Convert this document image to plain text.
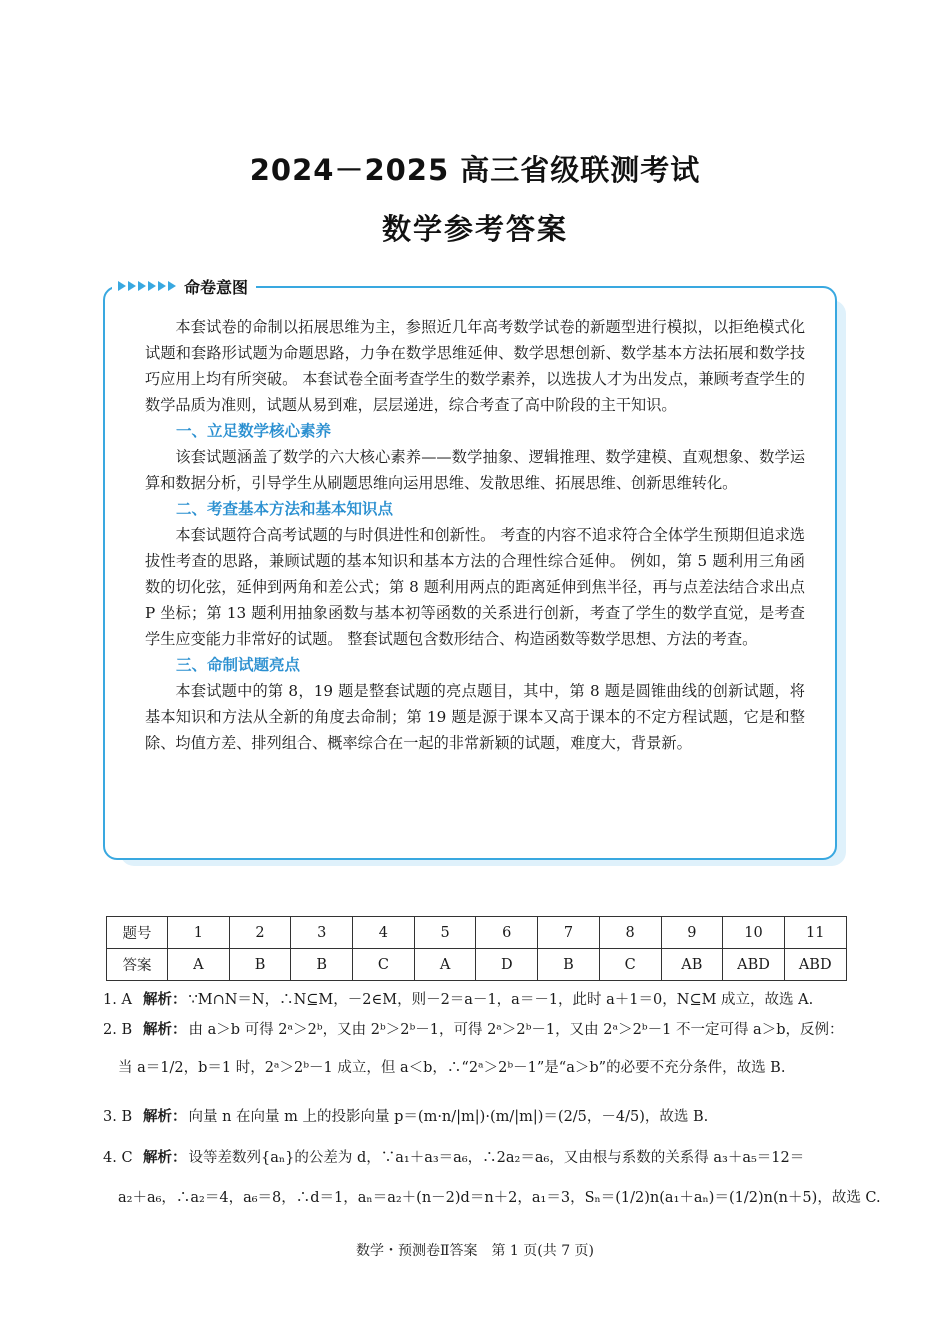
2024－2025 高三省级联测考试
数学参考答案
命卷意图

本套试卷的命制以拓展思维为主，参照近几年高考数学试卷的新题型进行模拟，以拒绝模式化试题和套路形试题为命题思路，力争在数学思维延伸、数学思想创新、数学基本方法拓展和数学技巧应用上均有所突破。 本套试卷全面考查学生的数学素养，以选拔人才为出发点，兼顾考查学生的数学品质为准则，试题从易到难，层层递进，综合考查了高中阶段的主干知识。

一、立足数学核心素养

该套试题涵盖了数学的六大核心素养——数学抽象、逻辑推理、数学建模、直观想象、数学运算和数据分析，引导学生从刷题思维向运用思维、发散思维、拓展思维、创新思维转化。

二、考查基本方法和基本知识点

本套试题符合高考试题的与时俱进性和创新性。 考查的内容不追求符合全体学生预期但追求选拔性考查的思路，兼顾试题的基本知识和基本方法的合理性综合延伸。 例如，第 5 题利用三角函数的切化弦，延伸到两角和差公式；第 8 题利用两点的距离延伸到焦半径，再与点差法结合求出点 P 坐标；第 13 题利用抽象函数与基本初等函数的关系进行创新，考查了学生的数学直觉，是考查学生应变能力非常好的试题。 整套试题包含数形结合、构造函数等数学思想、方法的考查。

三、命制试题亮点

本套试题中的第 8，19 题是整套试题的亮点题目，其中，第 8 题是圆锥曲线的创新试题，将基本知识和方法从全新的角度去命制；第 19 题是源于课本又高于课本的不定方程试题，它是和整除、均值方差、排列组合、概率综合在一起的非常新颖的试题，难度大，背景新。

题号	1	2	3	4	5	6	7	8	9	10	11
答案	A	B	B	C	A	D	B	C	AB	ABD	ABD
1. A 解析： ∵M∩N＝N，∴N⊆M，－2∈M，则－2＝a－1，a＝－1，此时 a＋1＝0，N⊆M 成立，故选 A.
2. B 解析： 由 a＞b 可得 2ᵃ＞2ᵇ，又由 2ᵇ＞2ᵇ－1，可得 2ᵃ＞2ᵇ－1，又由 2ᵃ＞2ᵇ－1 不一定可得 a＞b，反例：
当 a＝1/2，b＝1 时，2ᵃ＞2ᵇ－1 成立，但 a＜b，∴“2ᵃ＞2ᵇ－1”是“a＞b”的必要不充分条件，故选 B.
3. B 解析： 向量 n 在向量 m 上的投影向量 p＝(m·n/|m|)·(m/|m|)＝(2/5，－4/5)，故选 B.
4. C 解析： 设等差数列{aₙ}的公差为 d，∵a₁＋a₃＝a₆，∴2a₂＝a₆，又由根与系数的关系得 a₃＋a₅＝12＝
a₂＋a₆，∴a₂＝4，a₆＝8，∴d＝1，aₙ＝a₂＋(n－2)d＝n＋2，a₁＝3，Sₙ＝(1/2)n(a₁＋aₙ)＝(1/2)n(n＋5)，故选 C.
数学・预测卷Ⅱ答案　第 1 页(共 7 页)
